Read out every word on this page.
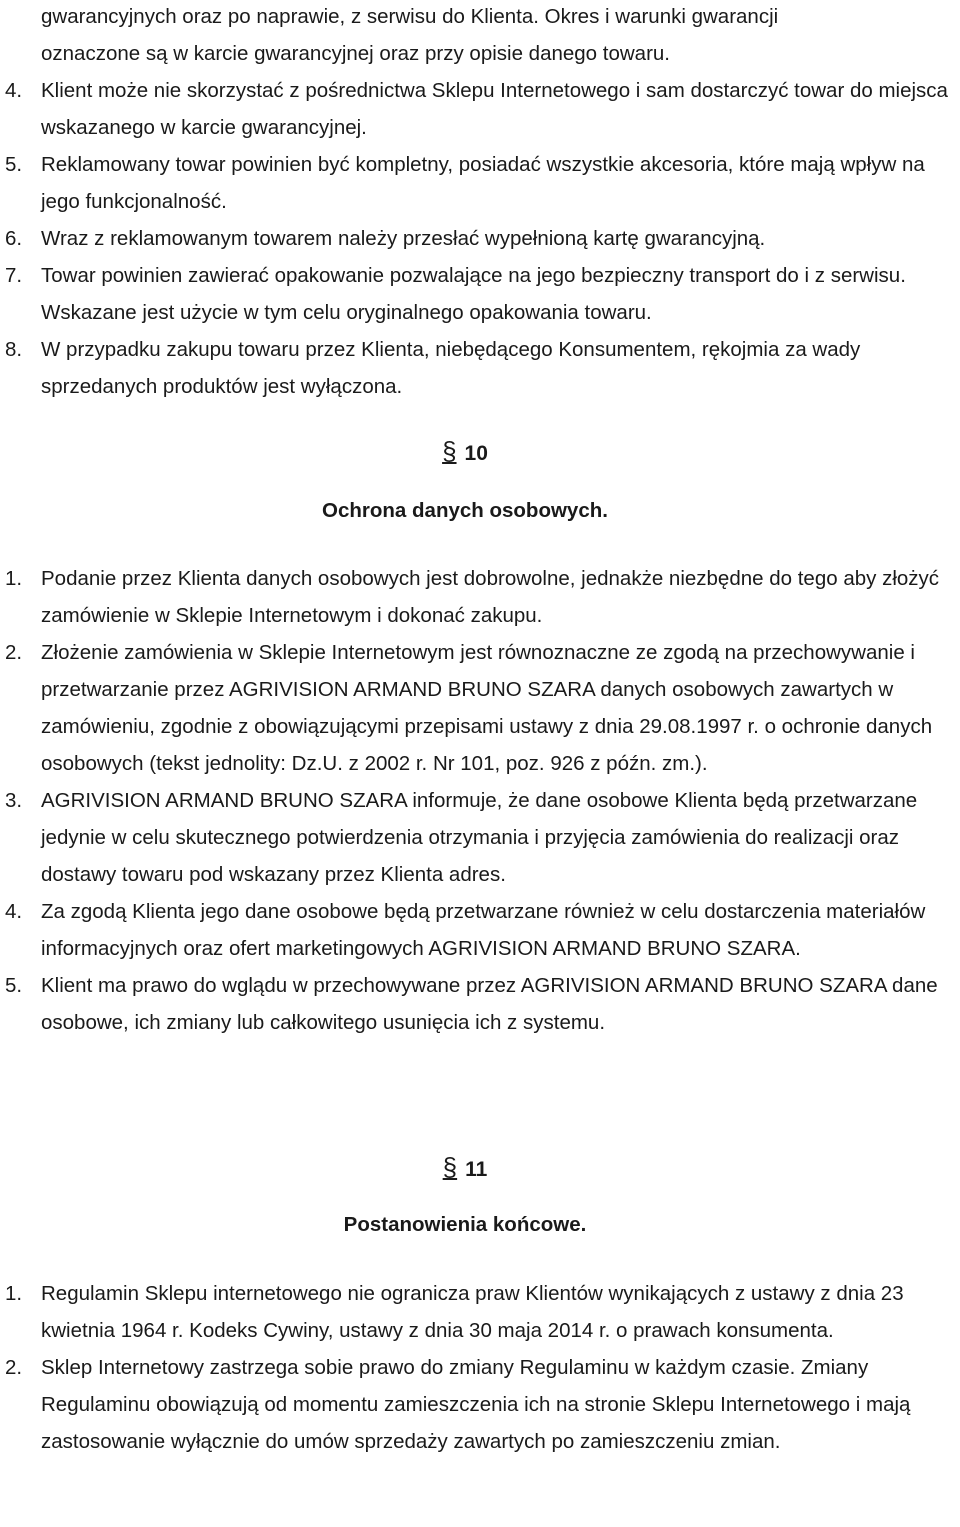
gwarancyjnych oraz po naprawie, z serwisu do Klienta. Okres i warunki gwarancji

oznaczone są w karcie gwarancyjnej oraz przy opisie danego towaru.

4. Klient może nie skorzystać z pośrednictwa Sklepu Internetowego i sam dostarczyć towar do miejsca wskazanego w karcie gwarancyjnej.
5. Reklamowany towar powinien być kompletny, posiadać wszystkie akcesoria, które mają wpływ na jego funkcjonalność.
6. Wraz z reklamowanym towarem należy przesłać wypełnioną kartę gwarancyjną.
7. Towar powinien zawierać opakowanie pozwalające na jego bezpieczny transport do i z serwisu. Wskazane jest użycie w tym celu oryginalnego opakowania towaru.
8. W przypadku zakupu towaru przez Klienta, niebędącego Konsumentem, rękojmia za wady sprzedanych produktów jest wyłączona.
§ 10
Ochrona danych osobowych.
1. Podanie przez Klienta danych osobowych jest dobrowolne, jednakże niezbędne do tego aby złożyć zamówienie w Sklepie Internetowym i dokonać zakupu.
2. Złożenie zamówienia w Sklepie Internetowym jest równoznaczne ze zgodą na przechowywanie i przetwarzanie przez AGRIVISION ARMAND BRUNO SZARA danych osobowych zawartych w zamówieniu, zgodnie z obowiązującymi przepisami ustawy z dnia 29.08.1997 r. o ochronie danych osobowych (tekst jednolity: Dz.U. z 2002 r. Nr 101, poz. 926 z późn. zm.).
3. AGRIVISION ARMAND BRUNO SZARA informuje, że dane osobowe Klienta będą przetwarzane jedynie w celu skutecznego potwierdzenia otrzymania i przyjęcia zamówienia do realizacji oraz dostawy towaru pod wskazany przez Klienta adres.
4. Za zgodą Klienta jego dane osobowe będą przetwarzane również w celu dostarczenia materiałów informacyjnych oraz ofert marketingowych AGRIVISION ARMAND BRUNO SZARA.
5. Klient ma prawo do wglądu w przechowywane przez AGRIVISION ARMAND BRUNO SZARA dane osobowe, ich zmiany lub całkowitego usunięcia ich z systemu.
§ 11
Postanowienia końcowe.
1. Regulamin Sklepu internetowego nie ogranicza praw Klientów wynikających z ustawy z dnia 23 kwietnia 1964 r. Kodeks Cywiny, ustawy z dnia 30 maja 2014 r. o prawach konsumenta.
2. Sklep Internetowy zastrzega sobie prawo do zmiany Regulaminu w każdym czasie. Zmiany Regulaminu obowiązują od momentu zamieszczenia ich na stronie Sklepu Internetowego i mają zastosowanie wyłącznie do umów sprzedaży zawartych po zamieszczeniu zmian.
